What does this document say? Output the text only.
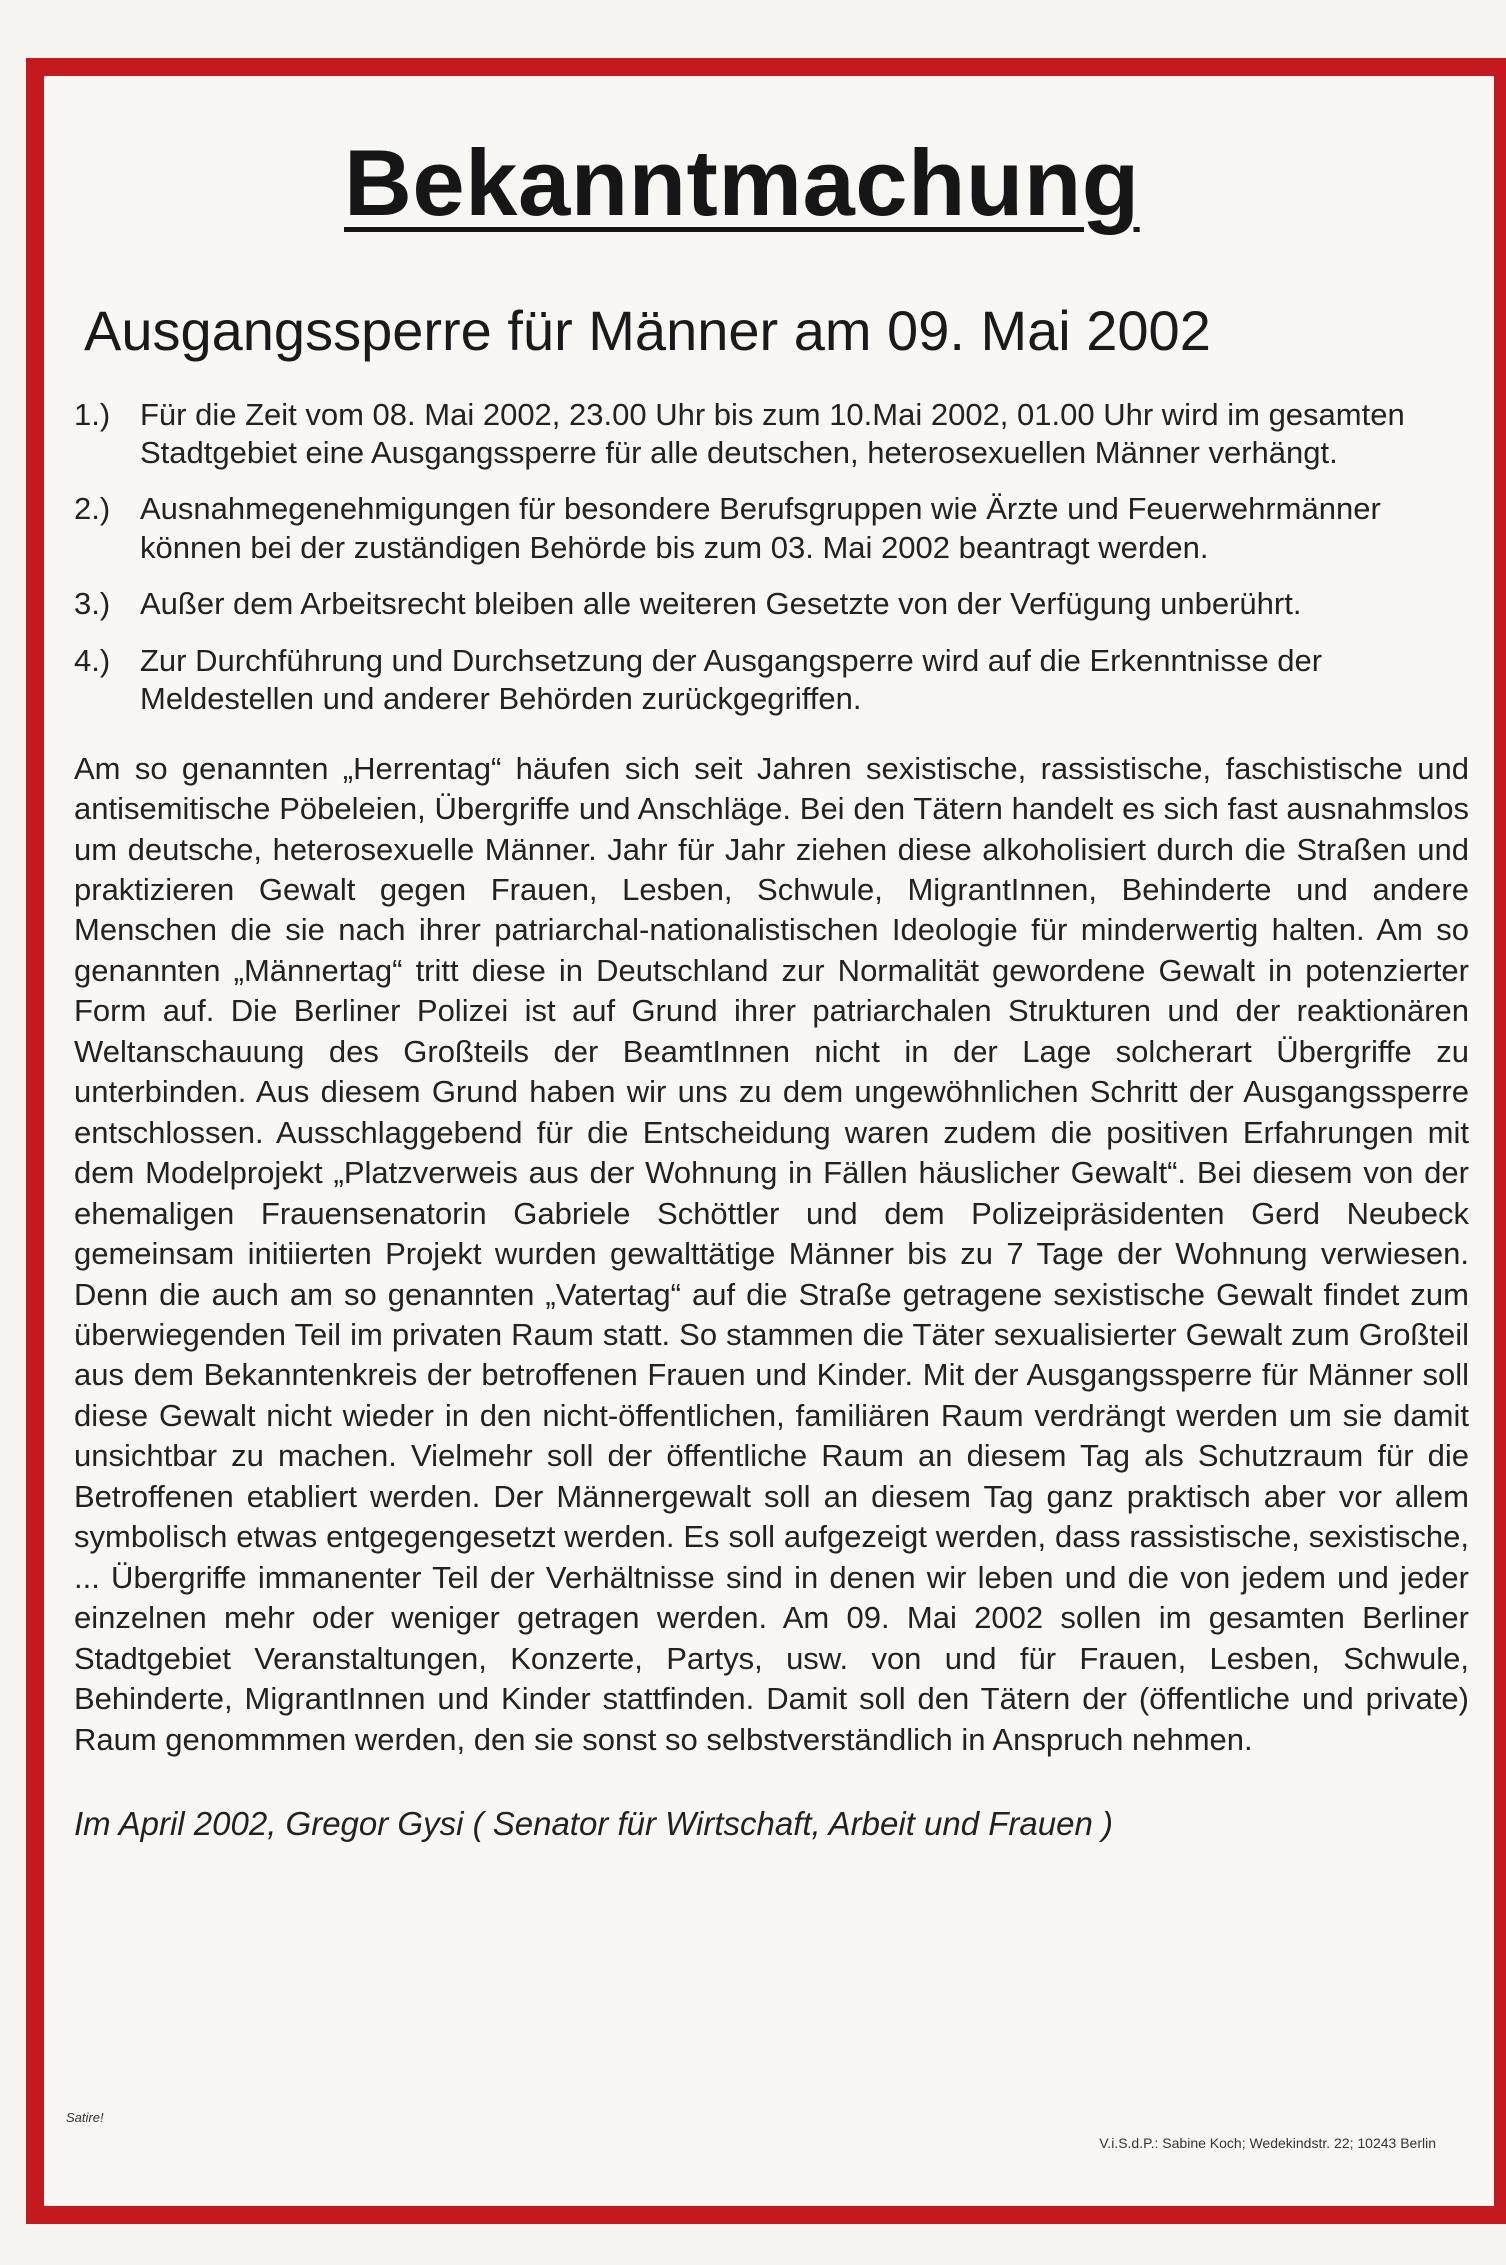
Bekanntmachung
Ausgangssperre für Männer am 09. Mai 2002
1.) Für die Zeit vom 08. Mai 2002, 23.00 Uhr bis zum 10.Mai 2002, 01.00 Uhr wird im gesamten Stadtgebiet eine Ausgangssperre für alle deutschen, heterosexuellen Männer verhängt.
2.) Ausnahmegenehmigungen für besondere Berufsgruppen wie Ärzte und Feuerwehrmänner können bei der zuständigen Behörde bis zum 03. Mai 2002 beantragt werden.
3.) Außer dem Arbeitsrecht bleiben alle weiteren Gesetzte von der Verfügung unberührt.
4.) Zur Durchführung und Durchsetzung der Ausgangsperre wird auf die Erkenntnisse der Meldestellen und anderer Behörden zurückgegriffen.

Am so genannten „Herrentag“ häufen sich seit Jahren sexistische, rassistische, faschistische und antisemitische Pöbeleien, Übergriffe und Anschläge. Bei den Tätern handelt es sich fast ausnahmslos um deutsche, heterosexuelle Männer. Jahr für Jahr ziehen diese alkoholisiert durch die Straßen und praktizieren Gewalt gegen Frauen, Lesben, Schwule, MigrantInnen, Behinderte und andere Menschen die sie nach ihrer patriarchal-nationalistischen Ideologie für minderwertig halten. Am so genannten „Männertag“ tritt diese in Deutschland zur Normalität gewordene Gewalt in potenzierter Form auf. Die Berliner Polizei ist auf Grund ihrer patriarchalen Strukturen und der reaktionären Weltanschauung des Großteils der BeamtInnen nicht in der Lage solcherart Übergriffe zu unterbinden. Aus diesem Grund haben wir uns zu dem ungewöhnlichen Schritt der Ausgangssperre entschlossen. Ausschlaggebend für die Entscheidung waren zudem die positiven Erfahrungen mit dem Modelprojekt „Platzverweis aus der Wohnung in Fällen häuslicher Gewalt“. Bei diesem von der ehemaligen Frauensenatorin Gabriele Schöttler und dem Polizeipräsidenten Gerd Neubeck gemeinsam initiierten Projekt wurden gewalttätige Männer bis zu 7 Tage der Wohnung verwiesen. Denn die auch am so genannten „Vatertag“ auf die Straße getragene sexistische Gewalt findet zum überwiegenden Teil im privaten Raum statt. So stammen die Täter sexualisierter Gewalt zum Großteil aus dem Bekanntenkreis der betroffenen Frauen und Kinder. Mit der Ausgangssperre für Männer soll diese Gewalt nicht wieder in den nicht-öffentlichen, familiären Raum verdrängt werden um sie damit unsichtbar zu machen. Vielmehr soll der öffentliche Raum an diesem Tag als Schutzraum für die Betroffenen etabliert werden. Der Männergewalt soll an diesem Tag ganz praktisch aber vor allem symbolisch etwas entgegengesetzt werden. Es soll aufgezeigt werden, dass rassistische, sexistische, ... Übergriffe immanenter Teil der Verhältnisse sind in denen wir leben und die von jedem und jeder einzelnen mehr oder weniger getragen werden. Am 09. Mai 2002 sollen im gesamten Berliner Stadtgebiet Veranstaltungen, Konzerte, Partys, usw. von und für Frauen, Lesben, Schwule, Behinderte, MigrantInnen und Kinder stattfinden. Damit soll den Tätern der (öffentliche und private) Raum genommmen werden, den sie sonst so selbstverständlich in Anspruch nehmen.

Im April 2002, Gregor Gysi ( Senator für Wirtschaft, Arbeit und Frauen )

Satire!
V.i.S.d.P.: Sabine Koch; Wedekindstr. 22; 10243 Berlin
